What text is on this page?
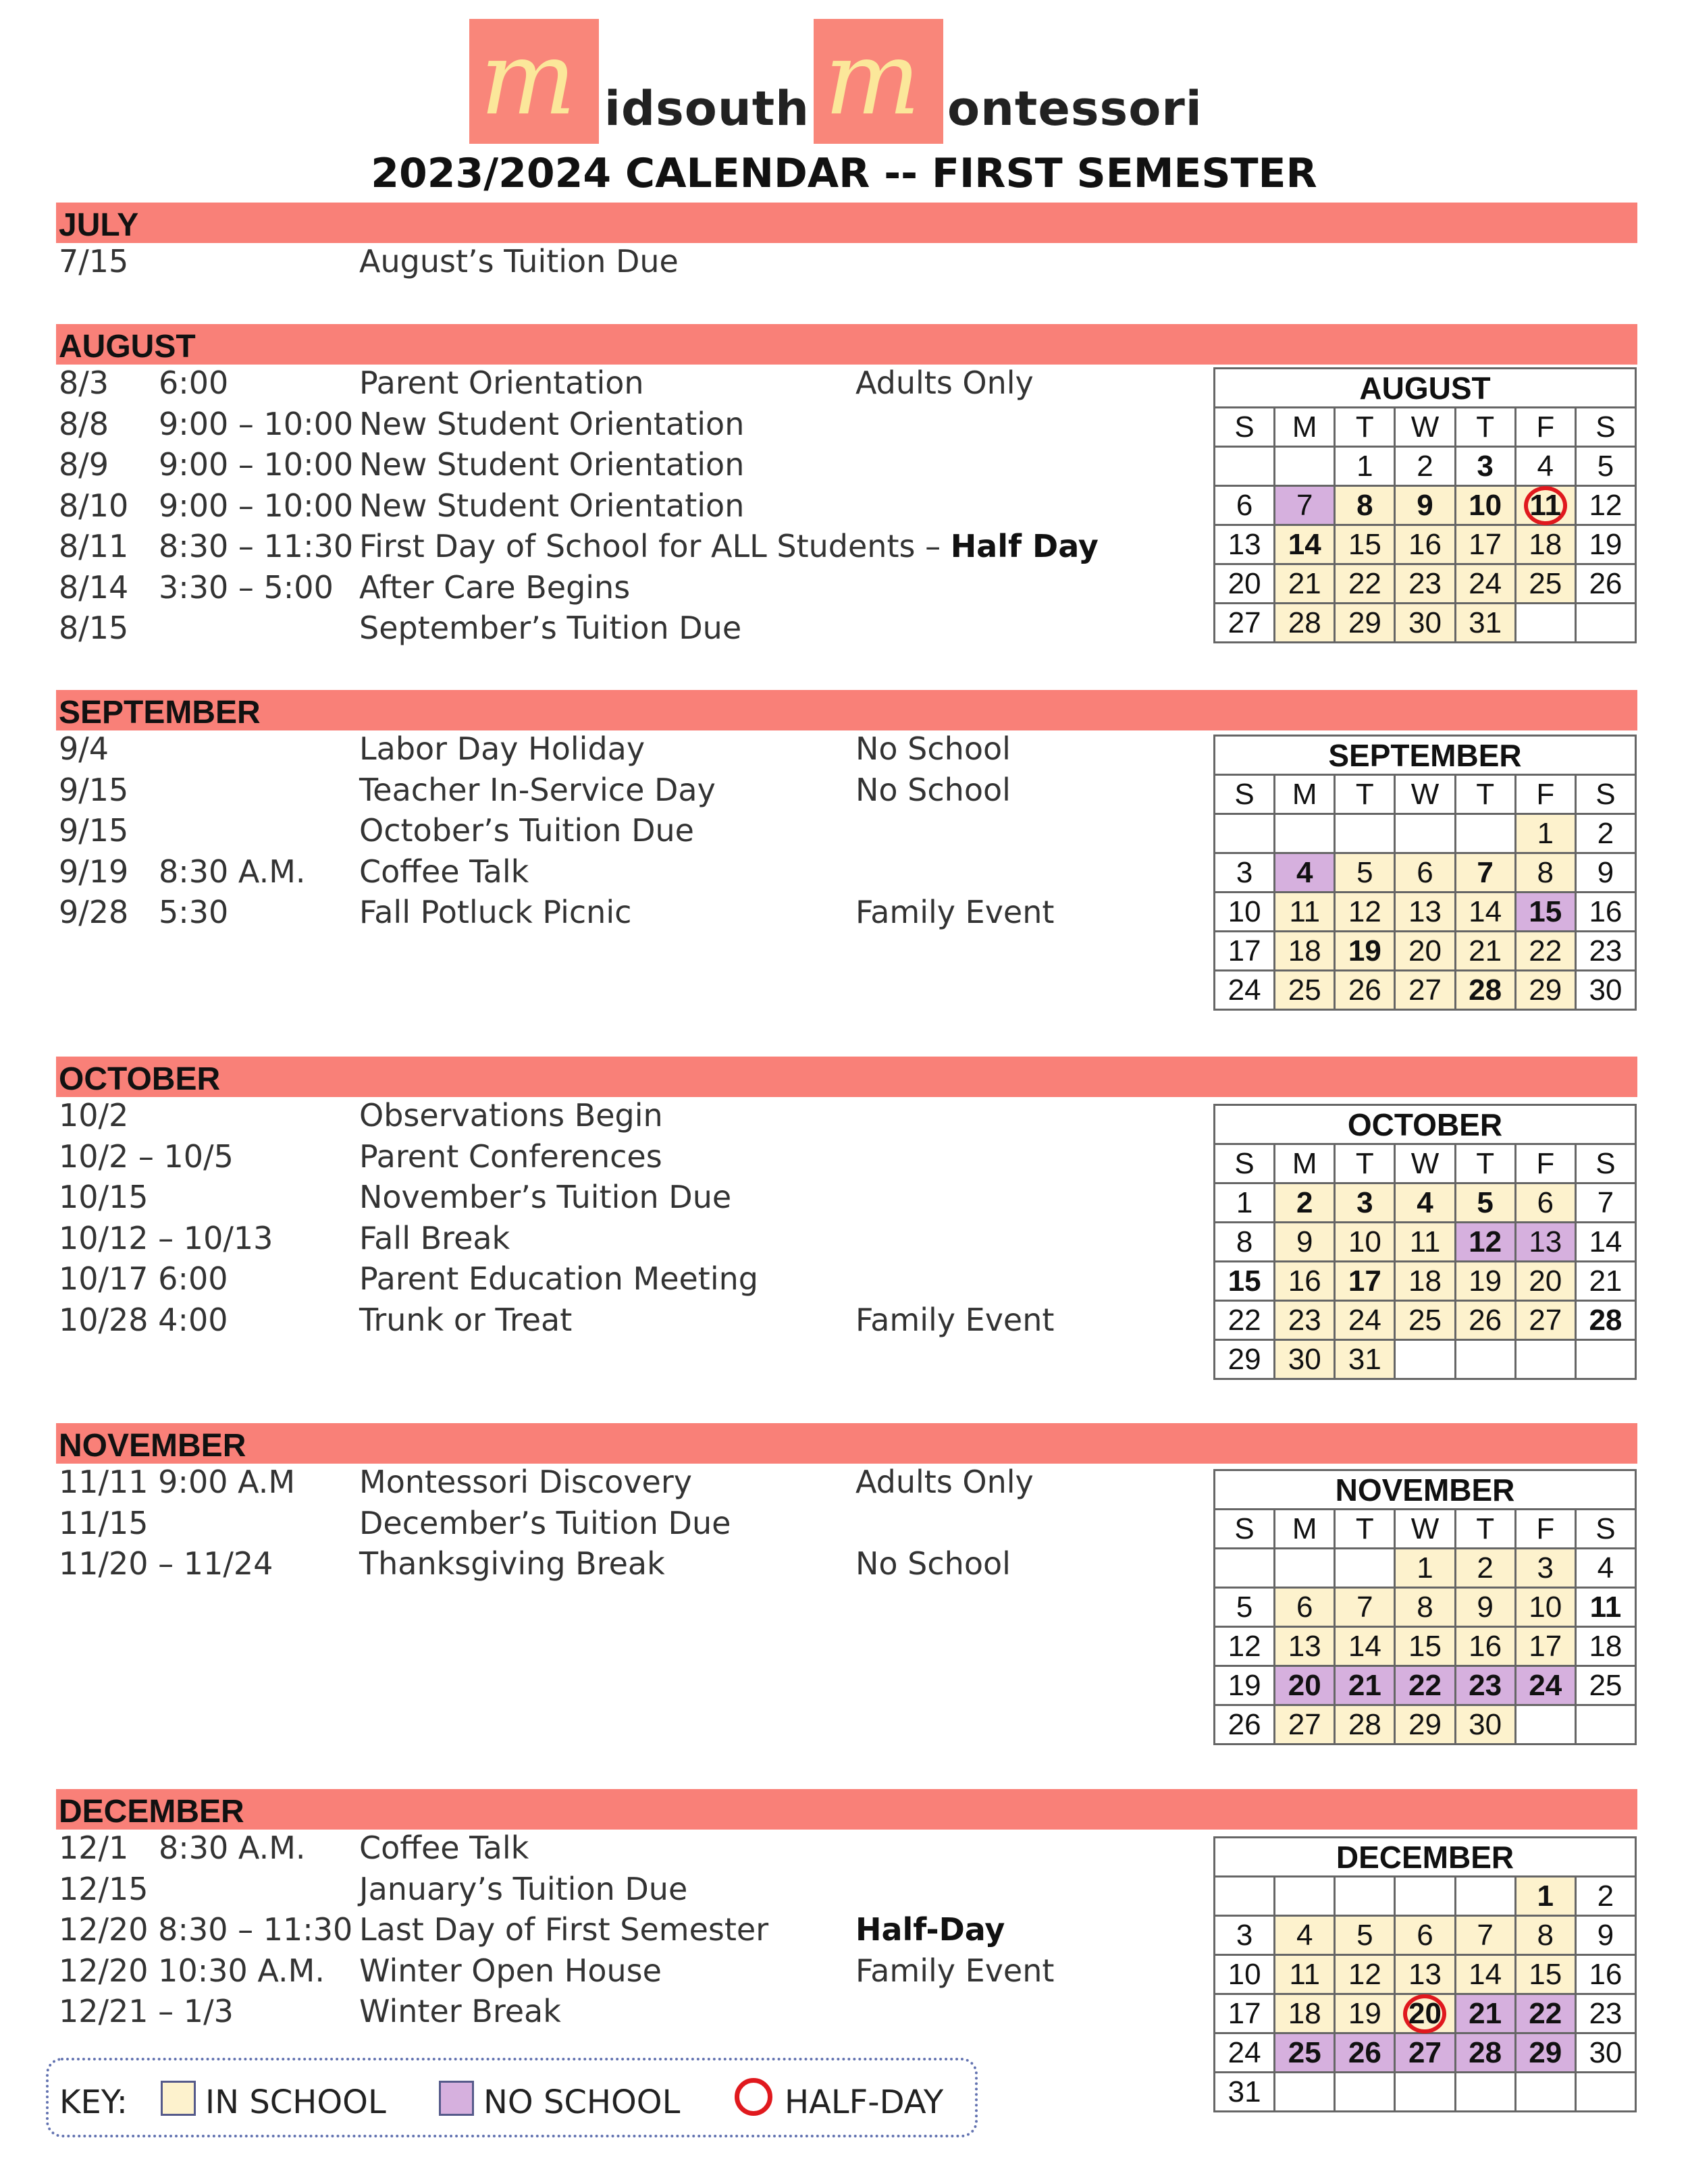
m idsouth m ontessori
2023/2024 CALENDAR -- FIRST SEMESTER
JULY
7/15	August’s Tuition Due
AUGUST
8/3 6:00	Parent Orientation	Adults Only
8/8 9:00 – 10:00 New Student Orientation
8/9 9:00 – 10:00 New Student Orientation
8/10 9:00 – 10:00 New Student Orientation
8/11 8:30 – 11:30 First Day of School for ALL Students – Half Day
8/14 3:30 – 5:00 After Care Begins
8/15	September’s Tuition Due
SEPTEMBER
9/4	Labor Day Holiday	No School
9/15	Teacher In-Service Day	No School
9/15	October’s Tuition Due
9/19 8:30 A.M. Coffee Talk
9/28 5:30	Fall Potluck Picnic	Family Event
OCTOBER
10/2	Observations Begin
10/2 – 10/5	Parent Conferences
10/15	November’s Tuition Due
10/12 – 10/13	Fall Break
10/17 6:00	Parent Education Meeting
10/28 4:00	Trunk or Treat	Family Event
NOVEMBER
11/11 9:00 A.M Montessori Discovery	Adults Only
11/15	December’s Tuition Due
11/20 – 11/24	Thanksgiving Break	No School
DECEMBER
12/1 8:30 A.M. Coffee Talk
12/15	January’s Tuition Due
12/20 8:30 – 11:30 Last Day of First Semester	Half-Day
12/20 10:30 A.M. Winter Open House	Family Event
12/21 – 1/3	Winter Break
AUGUST						
S	M	T	W	T	F	S
		1	2	3	4	5
6	7	8	9	10	11	12
13	14	15	16	17	18	19
20	21	22	23	24	25	26
27	28	29	30	31		
SEPTEMBER						
S	M	T	W	T	F	S
					1	2
3	4	5	6	7	8	9
10	11	12	13	14	15	16
17	18	19	20	21	22	23
24	25	26	27	28	29	30
OCTOBER						
S	M	T	W	T	F	S
1	2	3	4	5	6	7
8	9	10	11	12	13	14
15	16	17	18	19	20	21
22	23	24	25	26	27	28
29	30	31				
NOVEMBER						
S	M	T	W	T	F	S
			1	2	3	4
5	6	7	8	9	10	11
12	13	14	15	16	17	18
19	20	21	22	23	24	25
26	27	28	29	30		
DECEMBER						
					1	2
3	4	5	6	7	8	9
10	11	12	13	14	15	16
17	18	19	20	21	22	23
24	25	26	27	28	29	30
31						
KEY: IN SCHOOL	NO SCHOOL	HALF-DAY
